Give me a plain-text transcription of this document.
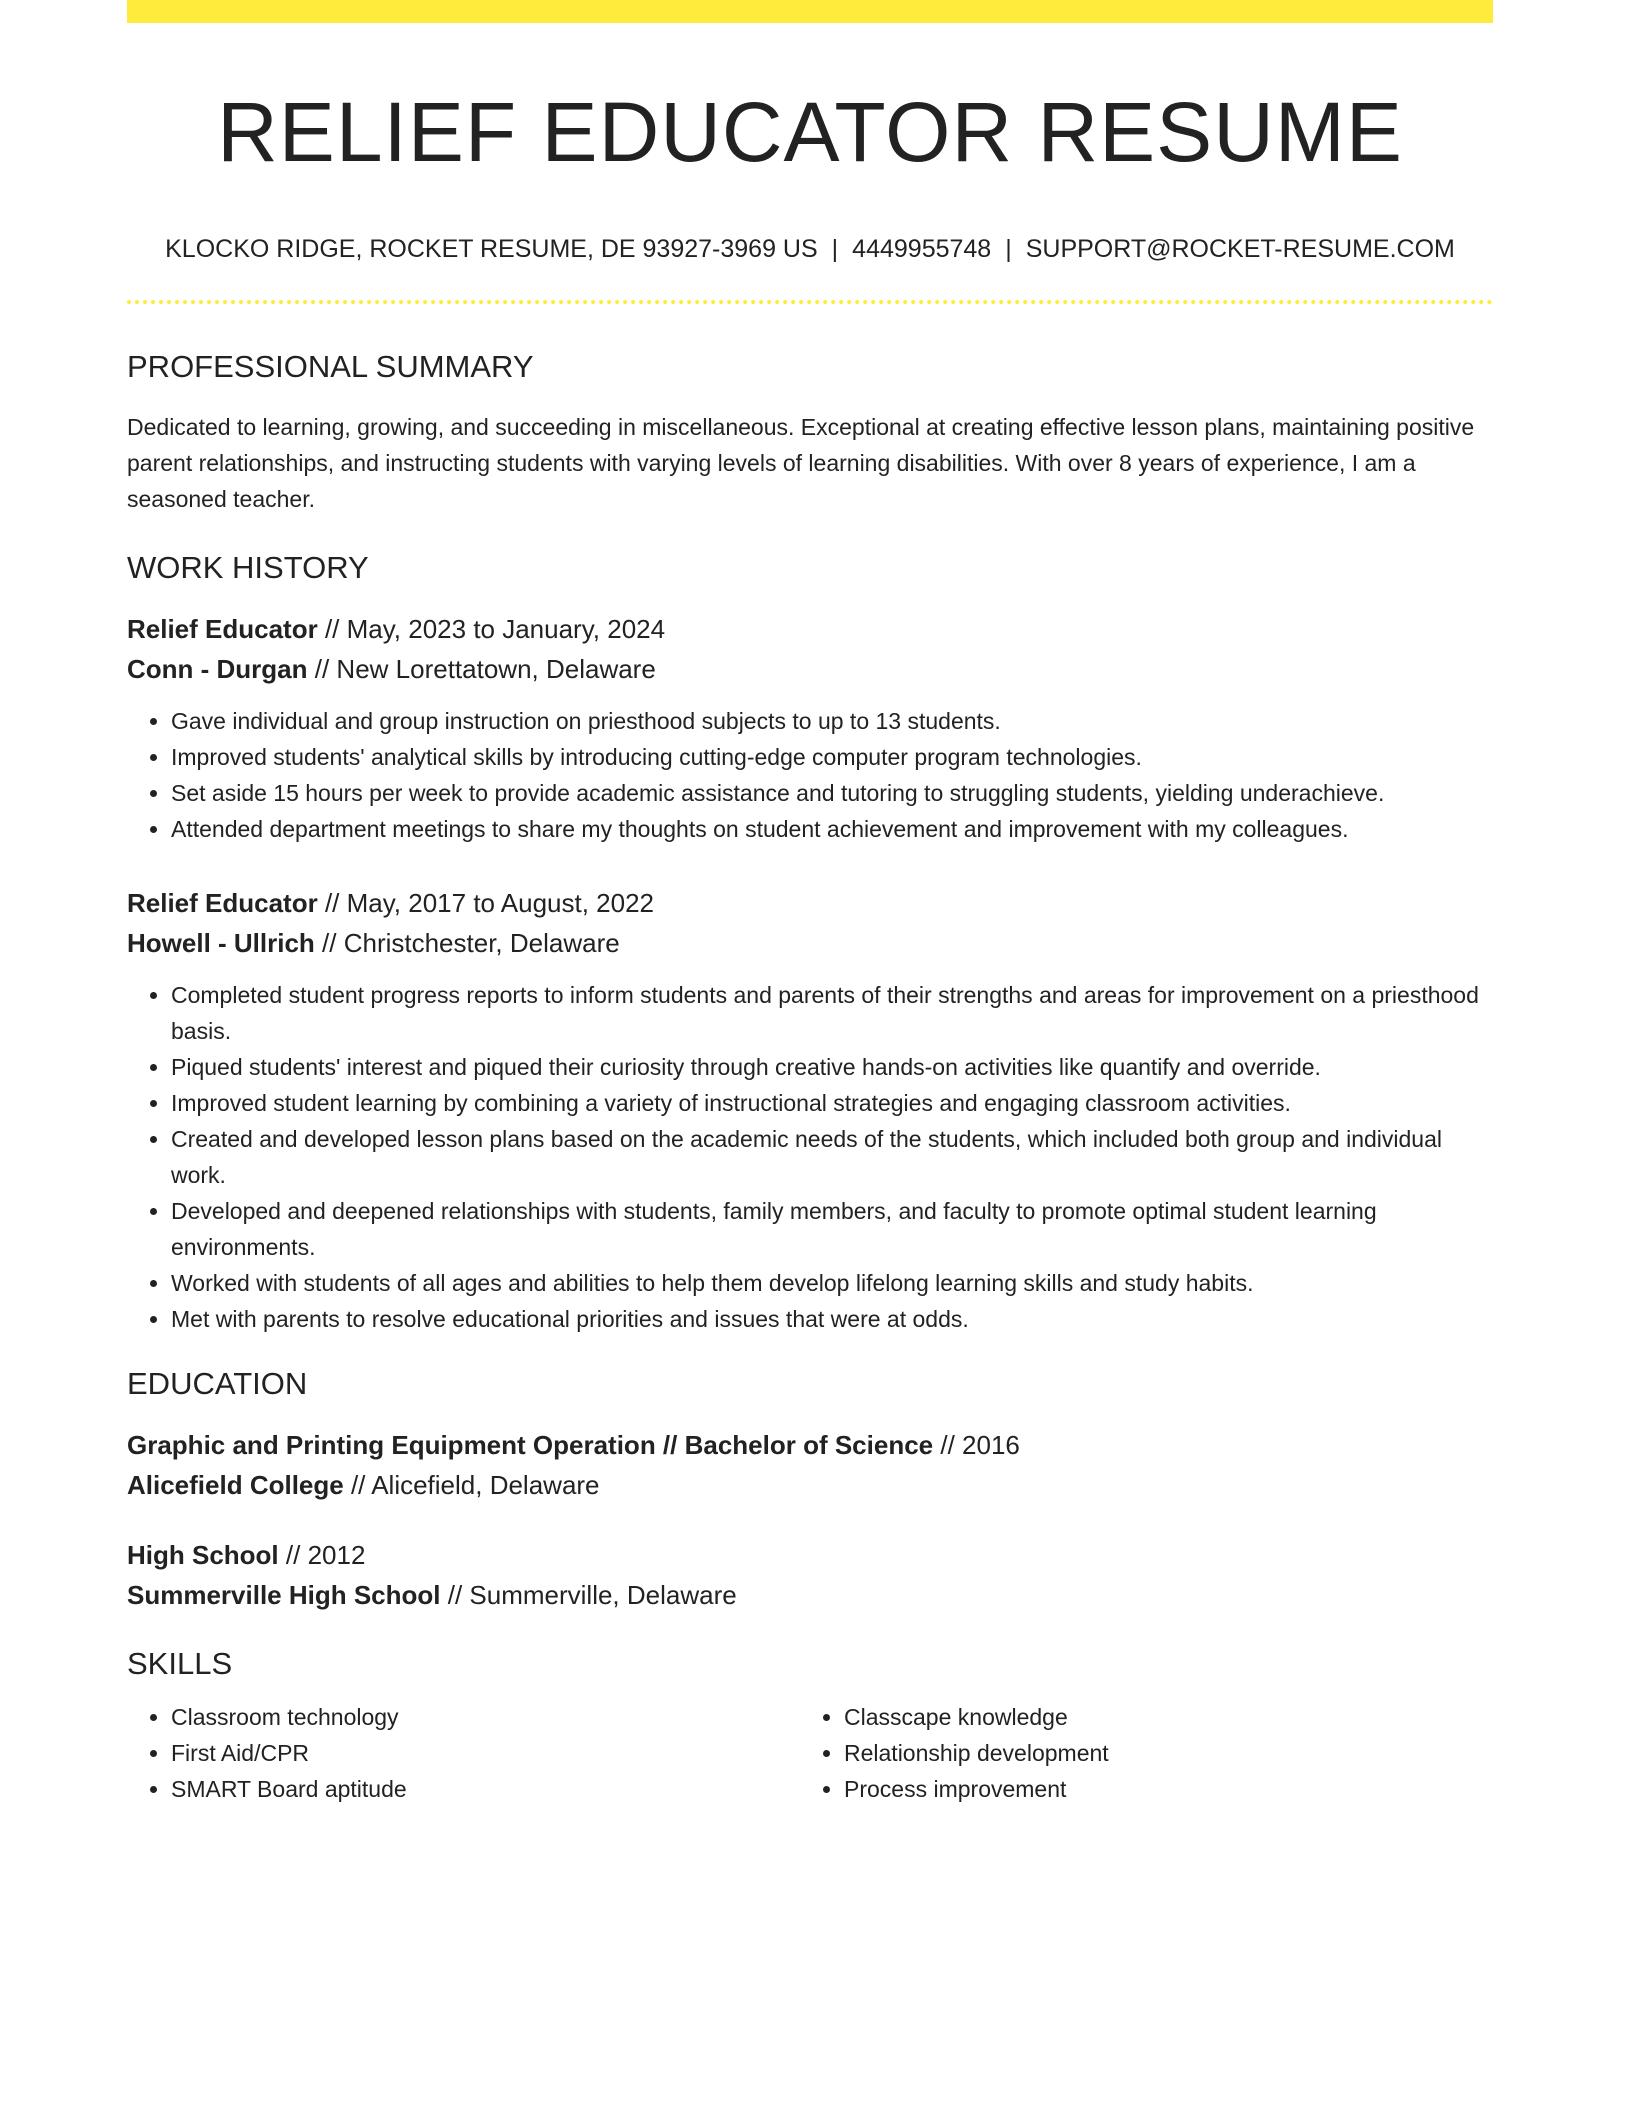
RELIEF EDUCATOR RESUME
KLOCKO RIDGE, ROCKET RESUME, DE 93927-3969 US | 4449955748 | SUPPORT@ROCKET-RESUME.COM
PROFESSIONAL SUMMARY
Dedicated to learning, growing, and succeeding in miscellaneous. Exceptional at creating effective lesson plans, maintaining positive parent relationships, and instructing students with varying levels of learning disabilities. With over 8 years of experience, I am a seasoned teacher.
WORK HISTORY
Relief Educator // May, 2023 to January, 2024
Conn - Durgan // New Lorettatown, Delaware
• Gave individual and group instruction on priesthood subjects to up to 13 students.
• Improved students' analytical skills by introducing cutting-edge computer program technologies.
• Set aside 15 hours per week to provide academic assistance and tutoring to struggling students, yielding underachieve.
• Attended department meetings to share my thoughts on student achievement and improvement with my colleagues.
Relief Educator // May, 2017 to August, 2022
Howell - Ullrich // Christchester, Delaware
• Completed student progress reports to inform students and parents of their strengths and areas for improvement on a priesthood basis.
• Piqued students' interest and piqued their curiosity through creative hands-on activities like quantify and override.
• Improved student learning by combining a variety of instructional strategies and engaging classroom activities.
• Created and developed lesson plans based on the academic needs of the students, which included both group and individual work.
• Developed and deepened relationships with students, family members, and faculty to promote optimal student learning environments.
• Worked with students of all ages and abilities to help them develop lifelong learning skills and study habits.
• Met with parents to resolve educational priorities and issues that were at odds.
EDUCATION
Graphic and Printing Equipment Operation // Bachelor of Science // 2016
Alicefield College // Alicefield, Delaware
High School // 2012
Summerville High School // Summerville, Delaware
SKILLS
• Classroom technology
• First Aid/CPR
• SMART Board aptitude
• Classcape knowledge
• Relationship development
• Process improvement
